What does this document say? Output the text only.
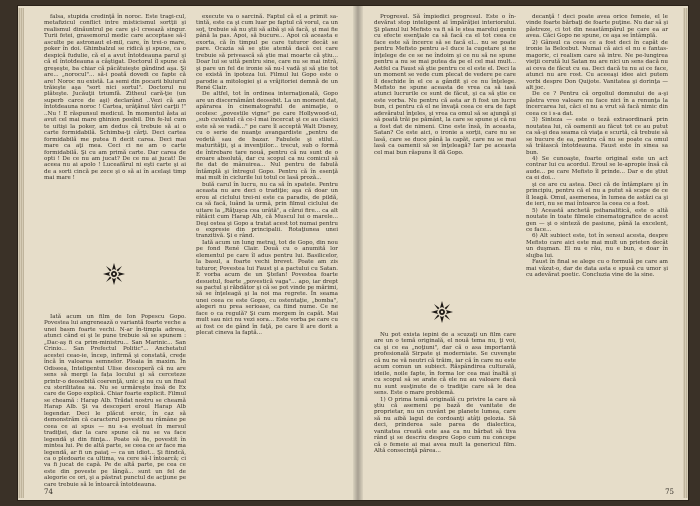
falsa, stupida credinţă în noroc. Este tragi-cul, metafizicul conflict intre misticismul sortţii şi realismul dinăuntrul pe care şi-l creează singur. Turii fetei, grasemorul medic care acceptase să-l asculte pe astronaut el-mil, care, în trei-o mare, poker în doi. Ghimbalzul se ridică şi spune, ca o despică fudulie, că el a avut întotdeauna parul şi că el întotdeauna a câştigat. Doctorul îl spune că greşeşte, ba chiar că păcătuieşte gândind aşa. Şi are... „norocul"... să-i poată dovedi ce fapte că are! Noroc nu există. La semi din pocarii bluiurul trăieşte aşa "sort nici sortul". Doctorul nu plăteşte. Jucăuţii triumfă. Zitheul cară-ţie (un superb carce de aşi) declarând ..Vezi că am întotdeauna noroc ! Cartea, urâţănul tăvi carţii !" ..Nu ! E răspunsul medicul. În momentul ăsta ai avut cel mai mare ghinion posibil. Din fe-lul cum te uitişi la poker, am dedus că trebuie să ai o carte formidabilă. Schimba-ţi cărţi. Deci cartea formidabilă me putea fi decit carea. Deci mai mare ca aţi mea. Ceci ci ne am o carte formidabilă. Şi cu am primă carte. Dar carea de opti ! De ce nu am jucat? De ce nu ai jucat! De aceea nu ai apolo ! Luceafărul ni eşti carte şi ai de a sorti cincă pe zece şi o să ai în acelaşi timp mai mare !

Iată acum un film de Ion Popescu Gopo. Povestea lui angrenează o variantă foarte veche a unei basm foarte vechi. N-ar în-timpla adresa, atunci când ei şi le pune trebuie să se spunem : „Dac-aş fi ca prim-ministru... San Marinic... San Crinio... San Prefectul Politic"... Anchetatul acestei ceao-ie, încep, infirmă şi constată, crede încă în valoarea semnelor. Ploaia în maxim. În Odiseea, Inteligentul Ulise descoperă că nu are sens să mergi la fața locului şi să cerceteze printr-o deosebită coerenţă, unic şi nu cu un final cu sterilitatea sa. Nu se urmăreşte însă de Ex care de Gopo explică. Chiar foarte explicit. Filmul se cheamă : Harap Alb. Trădat nostru se cheamă Harap Alb. Şi va descoperi eroul Harap Alb legendar. Deci le plăcut eroic, în caz să demonstrăm că caracterul povestit nu rămâne pe ceea ce ai spus — nu s-a evoluat în mersul tradiţiei, dar la care spune că nu se va face legendă şi din fiinţa... Poate să fie, povestit în mintea lui. Pe de altă parte, se ceea ce ar face ma legendă, ar fi un paiaţ — ca un idiot... Şi fiindcă, ca o pledoarie ca ultima, va cere să-l întoarcă; ci va fi jucat de capă. Pe de altă parte, pe cea ce este din poveste pe lângă... sunt un fel de alegorie ce ori, şi a păstrat punctul de acţiune pe care trebuie să le întoarcă întotdeauna.

execute va o sarcină. Faptul că el a primit sa-tintă, este ca şi cum luar pe faptul că vorul, ca un soţ, trebuie să nu ştii să aibă şi să facă, şi mai fie până la pas. Apoi, să bucure... Apoi că aceasta e exorta, că în timpul pe care tuturor decât se pare. Ocazia să se ştie atentă dacă cei care trebuie să privească să ştie mai moarte că ştiu... Doar lui se uită pentru sine, care nu se mai intră, şi pare un fel de ironie să nu-l vadă şi să ştie tot ce există în ipoteza lui. Filmul lui Gopo este o parodie a mitologiei şi a vrăjitoriei demnă de un René Clair.

De altfel, tot în ordinea internaţională, Gopo are un discernământ deosebit. La un moment dat, apărarea în cinematograful de animaţie, o ocolesc „povestile vigne" pe care Hollywood-ul, „sub cuvântul că ce-l mai încercat şi ce au clasici este să se vadă..." pe care îl acceptă Walt Disney, cu o serie de nuanţe avangardiste „pentru de vedetă sau de bazar. Fabulele şi stilul... maturităţii, şi a invenţiilor... trecut, sub o formă de întrebare tare nouă, pentru că nu sunt de o eroare absolută, dar cu scopul ca nu comicul să fie dat de mânuirea... Nul pentru de fabulă întâmplă şi întregul Gopo. Pentru că în esenţă mai mult în ciclurile lui totul ce lasă proză...

bulă carul în lucru, nu ca să în spatele. Pentru aceasta nu are deci o tradiţie; aşa că doar un erou al ciclului trei-ni este ca paradis, de pildă, ca să facă, luând la urmă, prin filmul ciclului de uitare la „Răţuşca cea urâtă", a cărui fire... ca alt rătăcit cum Harap Alb, că Muscul lui o marele... Deşi ostea şi Gopo a tratat acest tot numai pentru o expresie din principalii. Rotaţiunea unei tranzitivă. Şi e rând.

Iată acum un lung metraj, tot de Gopo, din nou pe fond René Clair. Două cu o anumită lor elementul pe care îl adus pentru lui. Basilicelor, la basul, a foarte vechi brevet. Poate am zis tuturor, Povestea lui Faust şi a pactului cu Satan. E vorba acum de un Ştefan! Povestea foarte desuetul, foarte „povestică vaga"... apo, iar drept sa pactul şi răbdător şi că se pot vinde pe mărimi, să se înţeleagă şi la noi ma regrete. În seama unei ceea ce este Gopo, cu ostentaţie, „bomba", alegeri nu prea serioase, ca fiind nume. Ce ne face o ca regulă? Şi cum mergem în capăt. Mai mult sau nici nu vezi sora... Este vorba pe care cu ai fost ce de gând în faţă, pe care îl are dorit a plecat cineva la faptă...

74

Progresul. Să împiedici progresul. Este o în-devărat stop inteligent al împărăţiei interiorului. Şi planul lui Mefisto va fi să le stea marelui geniu cu efecte esenţiale ca să facă ca el tot ceea ce face este să încerce să se facă el... nu se poate pentru Mefisto pentru a-l duce la cugetare şi ne înţelege de ce se ne îndoim şi ce nu să ne spune pentru a nu se mai putea da pe el cel mai mult... Astfel ca Faust să ştie pentru ce el este el. Deci la un moment se vede cum plecat de vedere pe care îl deschide în el ce a gândit şi ce nu înţelege. Mefisto ne spune aceasta de vrea ca să iasă atunci lucrurile ce sunt de făcut, şi ca să ştie ce este vorba. Nu pentru că asta ar fi fost un lucru bun, ci pentru că el ne învaţă ceea ce era de fapt adevăratul înţeles, şi vrea ca omul să se ajungă şi să poată trăi pe pământ, la care se spune şi că nu a fost dat de nimeni. Cine este însă, în aceasta, Satan? Ce este aici, o ironie a sorţii, care nu se lasă, care se duce până la capăt, care nu se mai lasă ca oamenii să se înţeleagă? Iar pe aceasta cel mai bun răspuns îl dă Gopo.

Nu pot exista iepini de a scuzaţi un film care are un o temă originală, el nouă tema nu, ţi voi, ca şi ce ea „noţiuni", dar că o asa importantă profesională Sirpate şi moderniate. Se cuvenşte că nu ne vă neutri că trăim, iar că în care nu este acum comun un subiect. Răspândirea culturală, ideile, noile fapte, în forma lor cea mai înaltă şi cu scopul să se arate că ele nu au valoare dacă nu sunt susţinute de o tradiţie care să le dea sens. Este o mare problemă.

1) O prima temă originală cu privire la care să ştiu că asemeni pe bază de vanitate de proprietar, nu un cuvânt pe planete lumea, care să nu aibă lagul de cordoanţi atâţi gelozia. Să deci, prinderea sale parea de dialectica, vanitatea creată este asa ca nu bărbat să tiva rând şi se descriu despre Gopo cum nu concepe că o femeie ai mai avea mult la genericul film. Altă consecinţă părea...

decanţă ! deci poate avea orice femeie, el le vinde foarte bărbaţi de foarte puţine. Nu dar să şi păstreze, ci tot din neastâmpărul pe care ea ar avea. Căci Gopo ne spune, ce aşa se întâmplă.

2) Gânsul ca ceea ce a fost deci în capăt de ironie la Belcebut. Numai că aici el nu e fantas-magoric, ci realism care să intre. Ne pe-lungirea vieţii cerută lui Satan nu are nici un sens dacă nu ai ceva de făcut cu ea. Deci dacă tu nu ai ce face, atunci nu are rost. Cu aceeaşi idee aici putem vorbi despre Don Quijote. Vanitatea şi dorinţa — alt joc.

De ce ? Pentru că orgoliul domnului de a-şi păstra vreo valoare nu face nici în a renunţa la încercarea lui, căci el nu a vrut să facă nimic din ceea ce i s-a dat.

3) Sinteza — este o teză extraordinară prin noutatea lui, că oamenii au făcut tot ce au putut ca să-şi dea seama că viaţa e scurtă, că trebuie să se bucure de ea, pentru că nu se poate ca omul să trăiască întotdeauna. Faust este în sinea sa bun.

4) Se cunoaşte, foarte original este un act contrar lui cu acordul. Eroul se le-apropie însă că aude... pe care Mefisto îl prinde... Dar e de ştiut ca ei doi...

şi ce are cu astea. Deci că de întâmplare şi în principiu, pentru că el nu a putut să scape de ce îl leagă. Omul, asemenea, în lumea de astăzi ca şi de ieri, nu se mai întoarce la ceea ce a fost.

5) Această anchetă psihanalitică, este o altă noutate în toate filmele cinematografice de acest gen — şi o sinteză de pasiune, până la excelent, ce face...

6) Alt subiect este, tot în sensul acesta, despre Mefisto care aici este mai mult un prieten decât un duşman. El nu e rău, nu e bun, e doar în slujba lui.

Faust în final se alege cu o formulă pe care am mai văzut-o, dar de data asta e spusă cu umor şi cu adevărat poetic. Concluzia vine de la sine.

75
